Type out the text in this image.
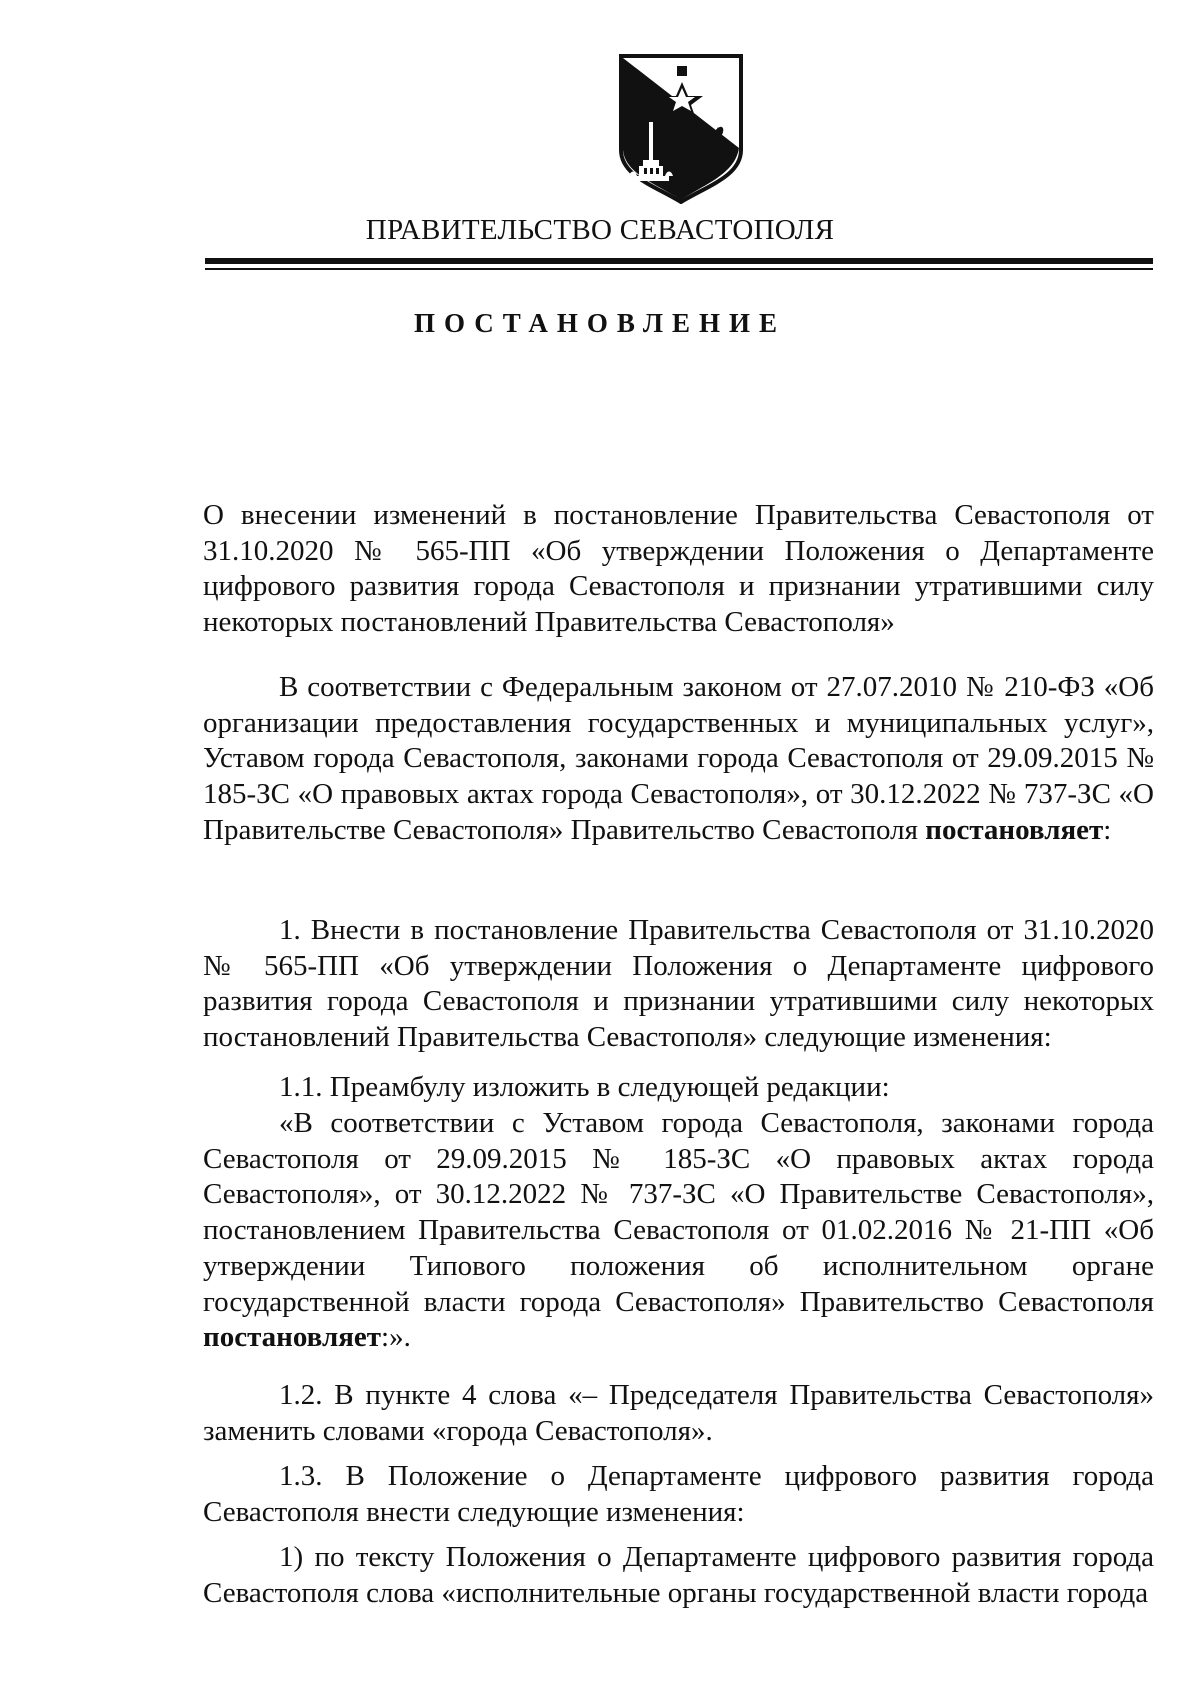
ПРАВИТЕЛЬСТВО СЕВАСТОПОЛЯ
ПОСТАНОВЛЕНИЕ
О внесении изменений в постановление Правительства Севастополя от 31.10.2020 № 565-ПП «Об утверждении Положения о Департаменте цифрового развития города Севастополя и признании утратившими силу некоторых постановлений Правительства Севастополя»
В соответствии с Федеральным законом от 27.07.2010 № 210-ФЗ «Об организации предоставления государственных и муниципальных услуг», Уставом города Севастополя, законами города Севастополя от 29.09.2015 № 185-ЗС «О правовых актах города Севастополя», от 30.12.2022 № 737-ЗС «О Правительстве Севастополя» Правительство Севастополя постановляет:
1. Внести в постановление Правительства Севастополя от 31.10.2020 № 565-ПП «Об утверждении Положения о Департаменте цифрового развития города Севастополя и признании утратившими силу некоторых постановлений Правительства Севастополя» следующие изменения:
1.1. Преамбулу изложить в следующей редакции:
«В соответствии с Уставом города Севастополя, законами города Севастополя от 29.09.2015 № 185-ЗС «О правовых актах города Севастополя», от 30.12.2022 № 737-ЗС «О Правительстве Севастополя», постановлением Правительства Севастополя от 01.02.2016 № 21-ПП «Об утверждении Типового положения об исполнительном органе государственной власти города Севастополя» Правительство Севастополя постановляет:».
1.2. В пункте 4 слова «– Председателя Правительства Севастополя» заменить словами «города Севастополя».
1.3. В Положение о Департаменте цифрового развития города Севастополя внести следующие изменения:
1) по тексту Положения о Департаменте цифрового развития города Севастополя слова «исполнительные органы государственной власти города
